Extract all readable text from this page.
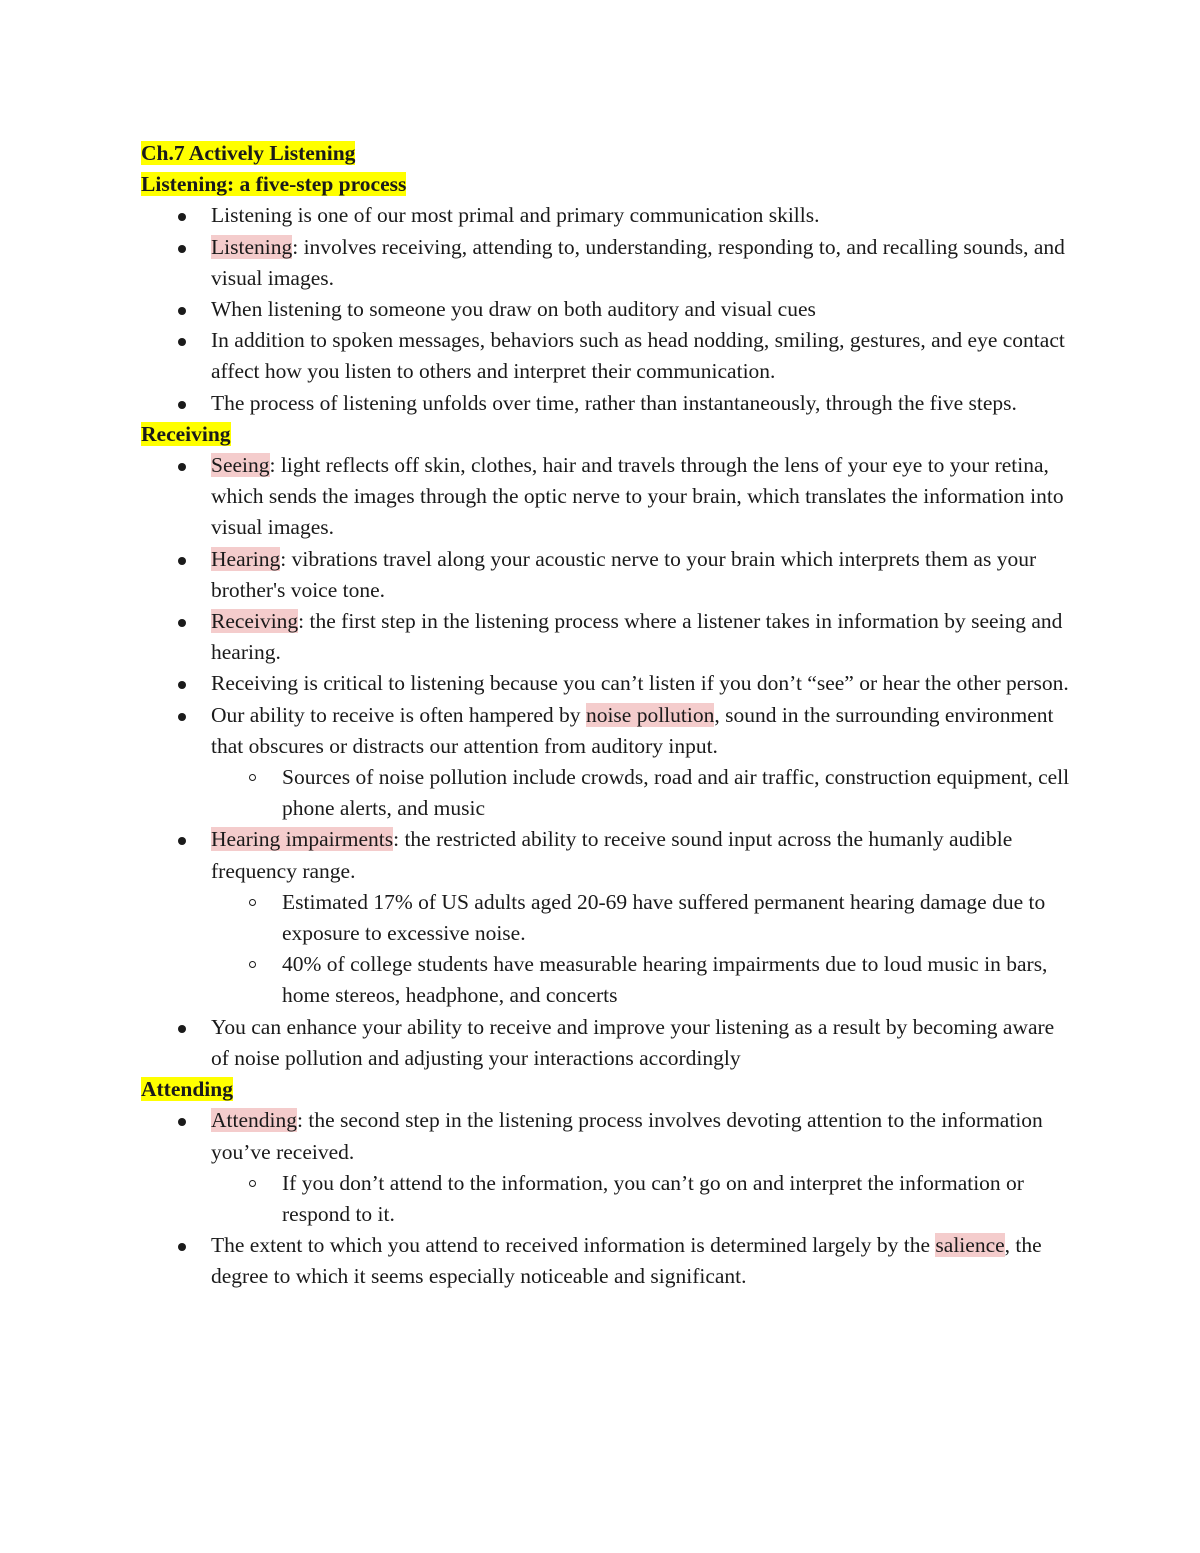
Ch.7 Actively Listening
Listening: a five-step process
Listening is one of our most primal and primary communication skills.
Listening: involves receiving, attending to, understanding, responding to, and recalling sounds, and visual images.
When listening to someone you draw on both auditory and visual cues
In addition to spoken messages, behaviors such as head nodding, smiling, gestures, and eye contact affect how you listen to others and interpret their communication.
The process of listening unfolds over time, rather than instantaneously, through the five steps.
Receiving
Seeing: light reflects off skin, clothes, hair and travels through the lens of your eye to your retina, which sends the images through the optic nerve to your brain, which translates the information into visual images.
Hearing: vibrations travel along your acoustic nerve to your brain which interprets them as your brother's voice tone.
Receiving: the first step in the listening process where a listener takes in information by seeing and hearing.
Receiving is critical to listening because you can’t listen if you don’t “see” or hear the other person.
Our ability to receive is often hampered by noise pollution, sound in the surrounding environment that obscures or distracts our attention from auditory input.
Sources of noise pollution include crowds, road and air traffic, construction equipment, cell phone alerts, and music
Hearing impairments: the restricted ability to receive sound input across the humanly audible frequency range.
Estimated 17% of US adults aged 20-69 have suffered permanent hearing damage due to exposure to excessive noise.
40% of college students have measurable hearing impairments due to loud music in bars, home stereos, headphone, and concerts
You can enhance your ability to receive and improve your listening as a result by becoming aware of noise pollution and adjusting your interactions accordingly
Attending
Attending: the second step in the listening process involves devoting attention to the information you’ve received.
If you don’t attend to the information, you can’t go on and interpret the information or respond to it.
The extent to which you attend to received information is determined largely by the salience, the degree to which it seems especially noticeable and significant.
